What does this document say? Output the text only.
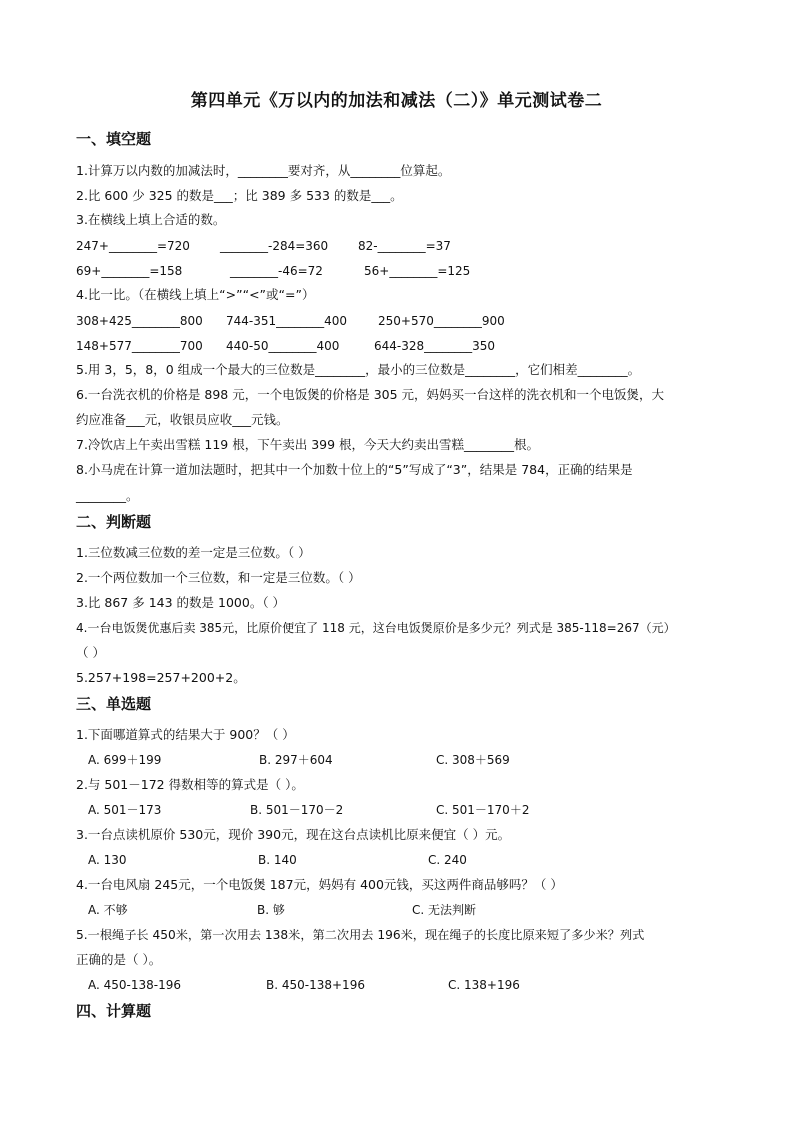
第四单元《万以内的加法和减法（二）》单元测试卷二
一、填空题
1.计算万以内数的加减法时，________要对齐，从________位算起。
2.比 600 少 325 的数是___；比 389 多 533 的数是___。
3.在横线上填上合适的数。
247+________=720	________-284=360 82-________=37
69+________=158	________-46=72	56+________=125
4.比一比。（在横线上填上“>”“<”或“=”）
308+425________800 744-351________400	250+570________900
148+577________700 440-50________400	644-328________350
5.用 3，5，8，0 组成一个最大的三位数是________，最小的三位数是________，它们相差________。
6.一台洗衣机的价格是 898 元，一个电饭煲的价格是 305 元，妈妈买一台这样的洗衣机和一个电饭煲，大
约应准备___元，收银员应收___元钱。
7.冷饮店上午卖出雪糕 119 根，下午卖出 399 根，今天大约卖出雪糕________根。
8.小马虎在计算一道加法题时，把其中一个加数十位上的“5”写成了“3”，结果是 784，正确的结果是
________。
二、判断题
1.三位数减三位数的差一定是三位数。（ ）
2.一个两位数加一个三位数，和一定是三位数。（ ）
3.比 867 多 143 的数是 1000。（ ）
4.一台电饭煲优惠后卖 385元，比原价便宜了 118 元，这台电饭煲原价是多少元？列式是 385-118=267（元）
（ ）
5.257+198=257+200+2。
三、单选题
1.下面哪道算式的结果大于 900？（ ）
A. 699＋199	B. 297＋604	C. 308＋569
2.与 501－172 得数相等的算式是（ ）。
A. 501－173	B. 501－170－2	C. 501－170＋2
3.一台点读机原价 530元，现价 390元，现在这台点读机比原来便宜（ ）元。
A. 130	B. 140	C. 240
4.一台电风扇 245元，一个电饭煲 187元，妈妈有 400元钱，买这两件商品够吗？（ ）
A. 不够	B. 够	C. 无法判断
5.一根绳子长 450米，第一次用去 138米，第二次用去 196米，现在绳子的长度比原来短了多少米？列式
正确的是（ ）。
A. 450-138-196	B. 450-138+196	C. 138+196
四、计算题
